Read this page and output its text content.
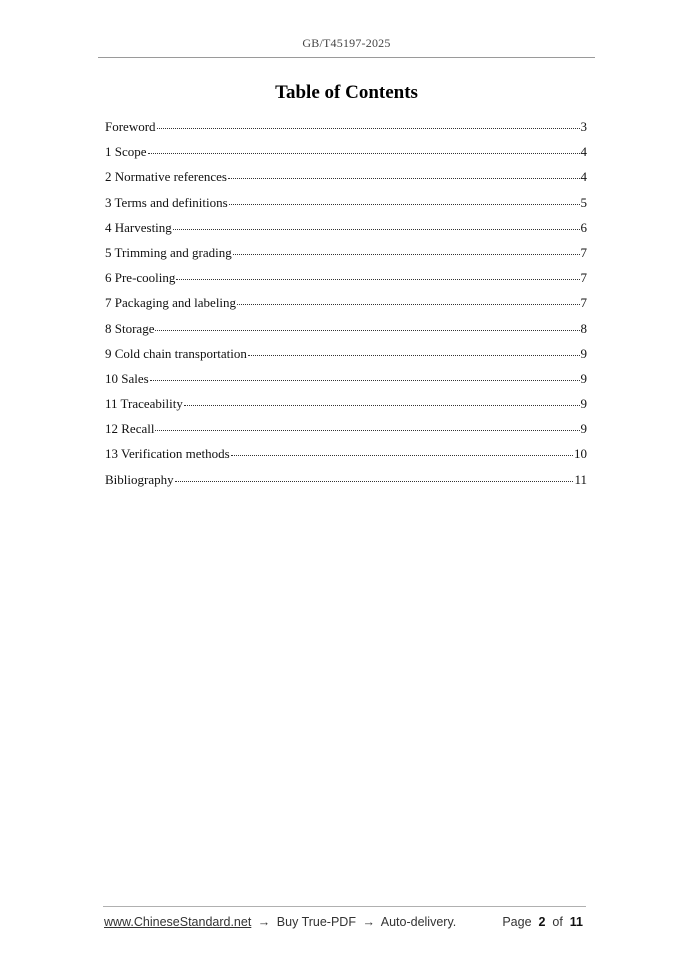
GB/T45197-2025
Table of Contents
Foreword	3
1 Scope	4
2 Normative references	4
3 Terms and definitions	5
4 Harvesting	6
5 Trimming and grading	7
6 Pre-cooling	7
7 Packaging and labeling	7
8 Storage	8
9 Cold chain transportation	9
10 Sales	9
11 Traceability	9
12 Recall	9
13 Verification methods	10
Bibliography	11
www.ChineseStandard.net → Buy True-PDF → Auto-delivery.	Page 2 of 11
